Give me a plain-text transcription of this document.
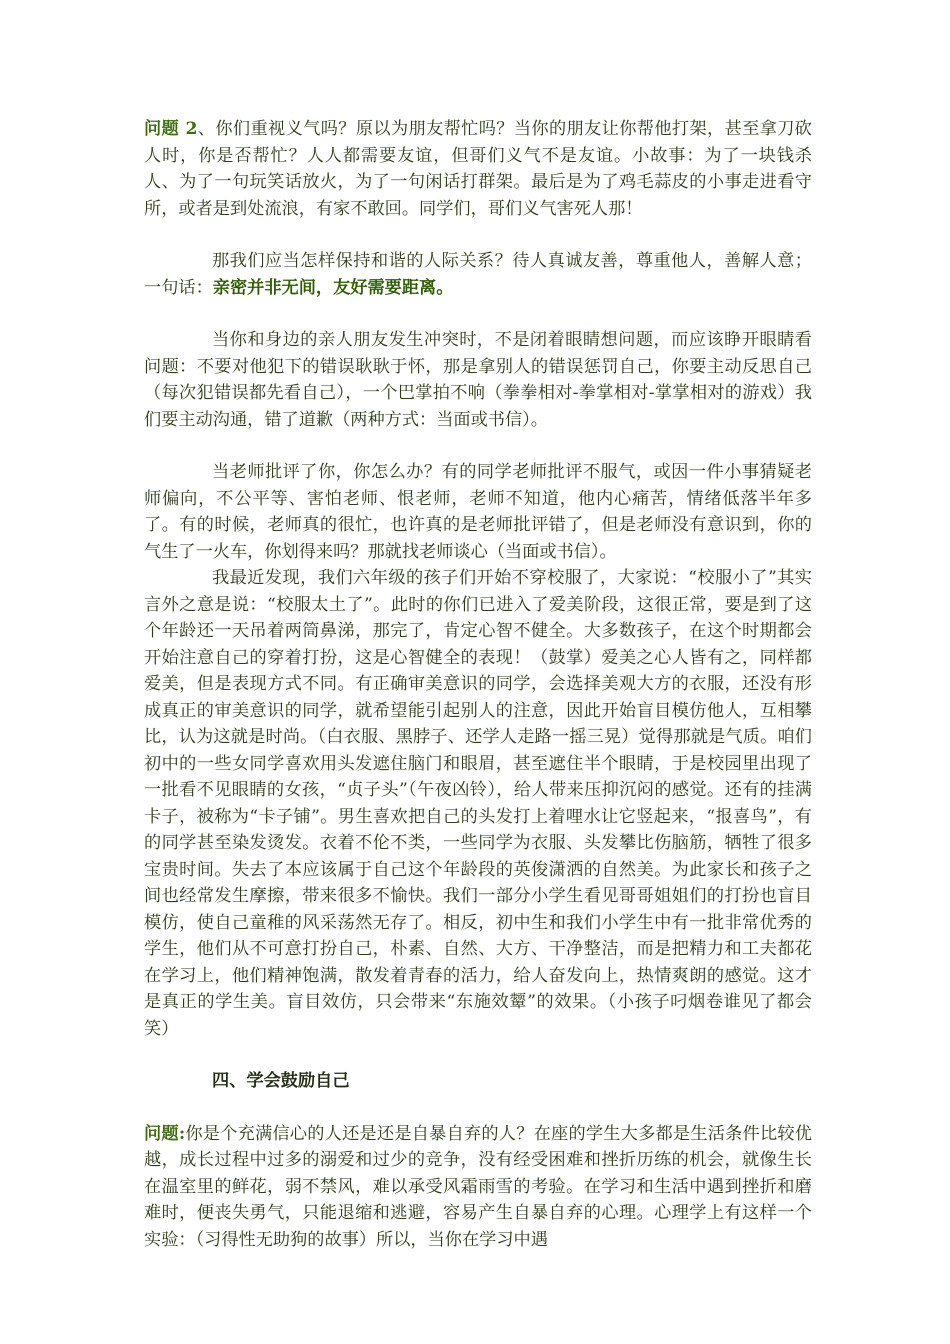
问题 2、你们重视义气吗？原以为朋友帮忙吗？当你的朋友让你帮他打架，甚至拿刀砍人时，你是否帮忙？人人都需要友谊，但哥们义气不是友谊。小故事：为了一块钱杀人、为了一句玩笑话放火，为了一句闲话打群架。最后是为了鸡毛蒜皮的小事走进看守所，或者是到处流浪，有家不敢回。同学们，哥们义气害死人那！

那我们应当怎样保持和谐的人际关系？待人真诚友善，尊重他人，善解人意；一句话：亲密并非无间，友好需要距离。

当你和身边的亲人朋友发生冲突时，不是闭着眼睛想问题，而应该睁开眼睛看问题：不要对他犯下的错误耿耿于怀，那是拿别人的错误惩罚自己，你要主动反思自己（每次犯错误都先看自己），一个巴掌拍不响（拳拳相对-拳掌相对-掌掌相对的游戏）我们要主动沟通，错了道歉（两种方式：当面或书信）。

当老师批评了你，你怎么办？有的同学老师批评不服气，或因一件小事猜疑老师偏向，不公平等、害怕老师、恨老师，老师不知道，他内心痛苦，情绪低落半年多了。有的时候，老师真的很忙，也许真的是老师批评错了，但是老师没有意识到，你的气生了一火车，你划得来吗？那就找老师谈心（当面或书信）。

我最近发现，我们六年级的孩子们开始不穿校服了，大家说：“校服小了”其实言外之意是说：“校服太土了”。此时的你们已进入了爱美阶段，这很正常，要是到了这个年龄还一天吊着两筒鼻涕，那完了，肯定心智不健全。大多数孩子，在这个时期都会开始注意自己的穿着打扮，这是心智健全的表现！（鼓掌）爱美之心人皆有之，同样都爱美，但是表现方式不同。有正确审美意识的同学，会选择美观大方的衣服，还没有形成真正的审美意识的同学，就希望能引起别人的注意，因此开始盲目模仿他人，互相攀比，认为这就是时尚。（白衣服、黑脖子、还学人走路一摇三晃）觉得那就是气质。咱们初中的一些女同学喜欢用头发遮住脑门和眼眉，甚至遮住半个眼睛，于是校园里出现了一批看不见眼睛的女孩，“贞子头”（午夜凶铃），给人带来压抑沉闷的感觉。还有的挂满卡子，被称为“卡子铺”。男生喜欢把自己的头发打上着哩水让它竖起来，“报喜鸟”，有的同学甚至染发烫发。衣着不伦不类，一些同学为衣服、头发攀比伤脑筋，牺牲了很多宝贵时间。失去了本应该属于自己这个年龄段的英俊潇洒的自然美。为此家长和孩子之间也经常发生摩擦，带来很多不愉快。我们一部分小学生看见哥哥姐姐们的打扮也盲目模仿，使自己童稚的风采荡然无存了。相反，初中生和我们小学生中有一批非常优秀的学生，他们从不可意打扮自己，朴素、自然、大方、干净整洁，而是把精力和工夫都花在学习上，他们精神饱满，散发着青春的活力，给人奋发向上，热情爽朗的感觉。这才是真正的学生美。盲目效仿，只会带来“东施效颦”的效果。（小孩子叼烟卷谁见了都会笑）

四、学会鼓励自己

问题:你是个充满信心的人还是还是自暴自弃的人？在座的学生大多都是生活条件比较优越，成长过程中过多的溺爱和过少的竞争，没有经受困难和挫折历练的机会，就像生长在温室里的鲜花，弱不禁风，难以承受风霜雨雪的考验。在学习和生活中遇到挫折和磨难时，便丧失勇气，只能退缩和逃避，容易产生自暴自弃的心理。心理学上有这样一个实验：（习得性无助狗的故事）所以，当你在学习中遇
